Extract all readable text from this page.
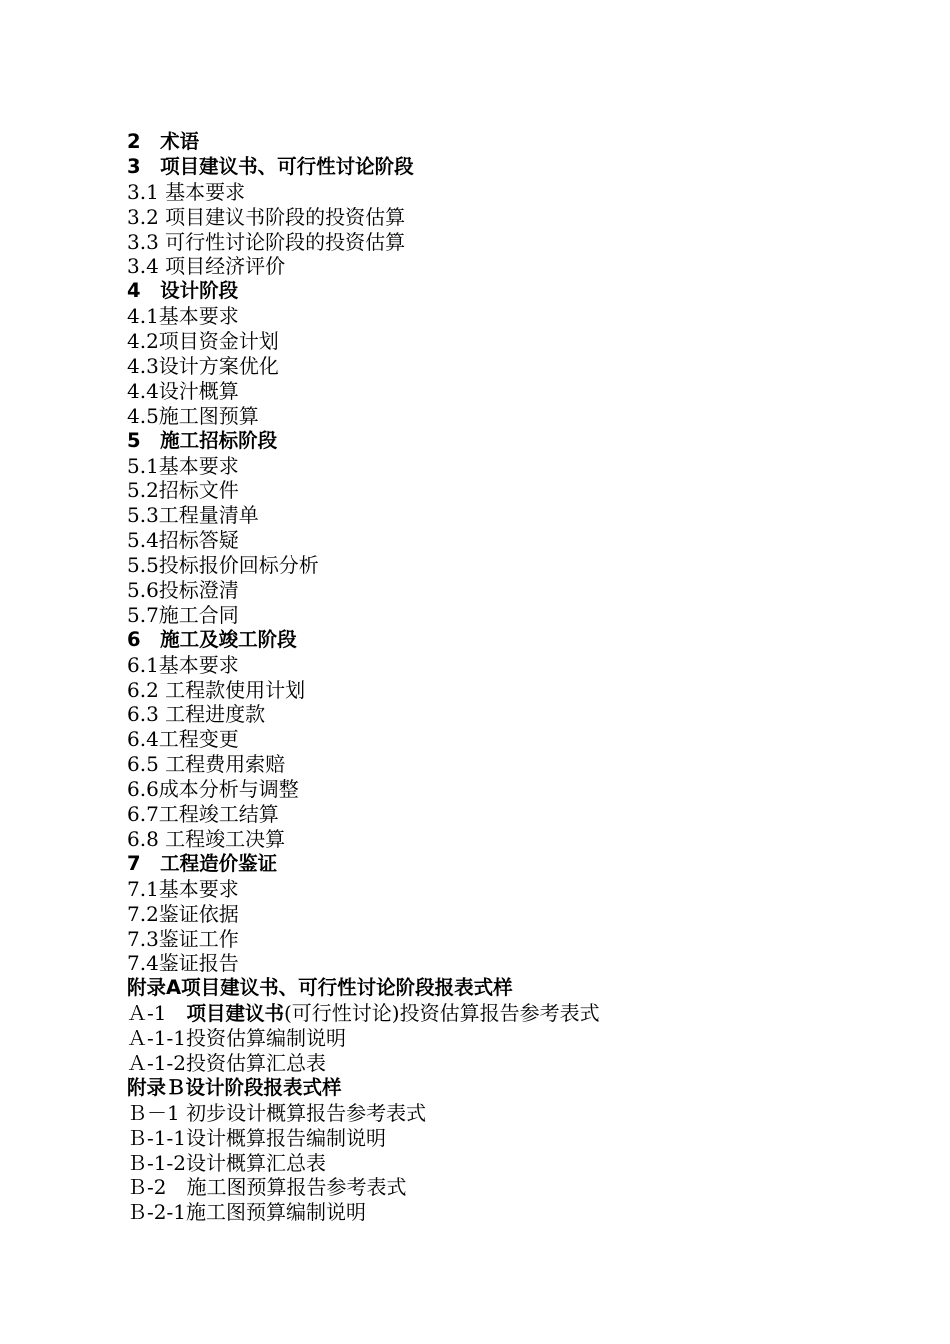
2　术语
3　项目建议书、可行性讨论阶段
3.1 基本要求
3.2 项目建议书阶段的投资估算
3.3 可行性讨论阶段的投资估算
3.4 项目经济评价
4　设计阶段
4.1基本要求
4.2项目资金计划
4.3设计方案优化
4.4设汁概算
4.5施工图预算
5　施工招标阶段
5.1基本要求
5.2招标文件
5.3工程量清单
5.4招标答疑
5.5投标报价回标分析
5.6投标澄清
5.7施工合同
6　施工及竣工阶段
6.1基本要求
6.2 工程款使用计划
6.3 工程进度款
6.4工程变更
6.5 工程费用索赔
6.6成本分析与调整
6.7工程竣工结算
6.8 工程竣工决算
7　工程造价鉴证
7.1基本要求
7.2鉴证依据
7.3鉴证工作
7.4鉴证报告
附录A项目建议书、可行性讨论阶段报表式样
Ａ-1　项目建议书(可行性讨论)投资估算报告参考表式
Ａ-1-1投资估算编制说明
Ａ-1-2投资估算汇总表
附录Ｂ设计阶段报表式样
Ｂ－1 初步设计概算报告参考表式
Ｂ-1-1设计概算报告编制说明
Ｂ-1-2设计概算汇总表
Ｂ-2　施工图预算报告参考表式
Ｂ-2-1施工图预算编制说明
